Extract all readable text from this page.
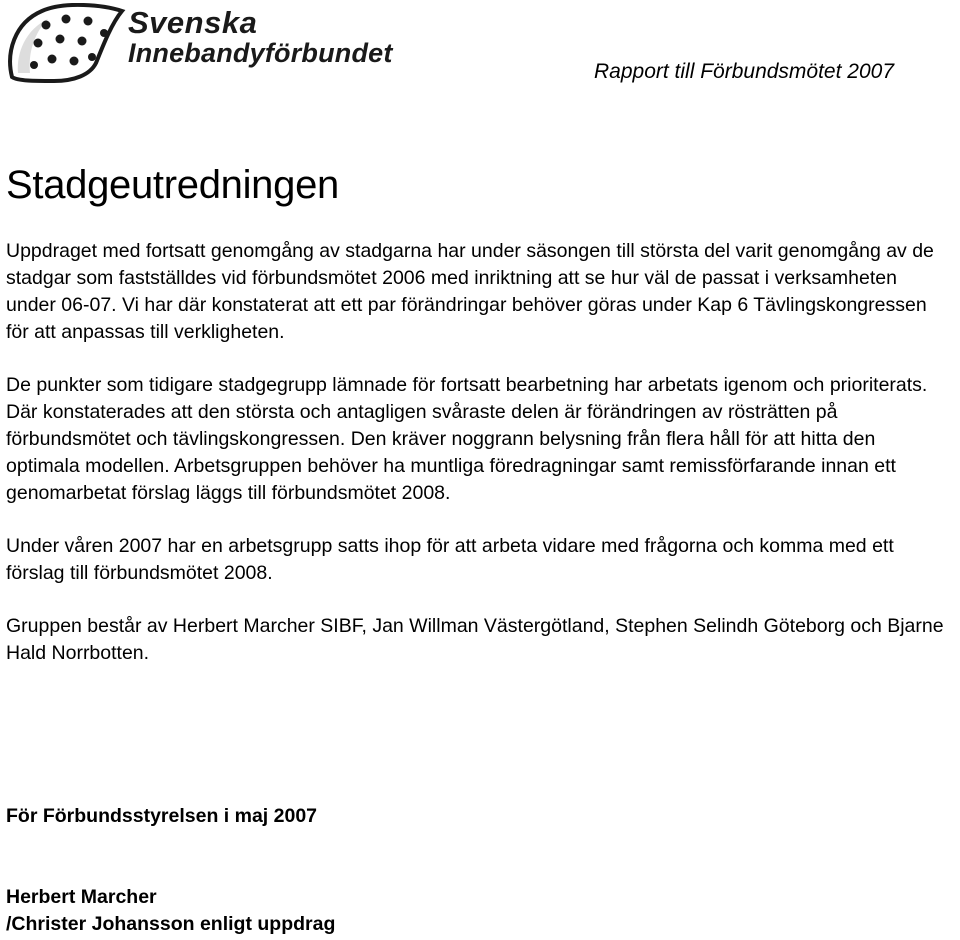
Svenska
Innebandyförbundet
Rapport till Förbundsmötet 2007
Stadgeutredningen

Uppdraget med fortsatt genomgång av stadgarna har under säsongen till största del varit genomgång av de stadgar som fastställdes vid förbundsmötet 2006 med inriktning att se hur väl de passat i verksamheten under 06-07. Vi har där konstaterat att ett par förändringar behöver göras under Kap 6 Tävlingskongressen för att anpassas till verkligheten.

De punkter som tidigare stadgegrupp lämnade för fortsatt bearbetning har arbetats igenom och prioriterats. Där konstaterades att den största och antagligen svåraste delen är förändringen av rösträtten på förbundsmötet och tävlingskongressen. Den kräver noggrann belysning från flera håll för att hitta den optimala modellen. Arbetsgruppen behöver ha muntliga föredragningar samt remissförfarande innan ett genomarbetat förslag läggs till förbundsmötet 2008.

Under våren 2007 har en arbetsgrupp satts ihop för att arbeta vidare med frågorna och komma med ett förslag till förbundsmötet 2008.

Gruppen består av Herbert Marcher SIBF, Jan Willman Västergötland, Stephen Selindh Göteborg och Bjarne Hald Norrbotten.

För Förbundsstyrelsen i maj 2007
Herbert Marcher
/Christer Johansson enligt uppdrag
